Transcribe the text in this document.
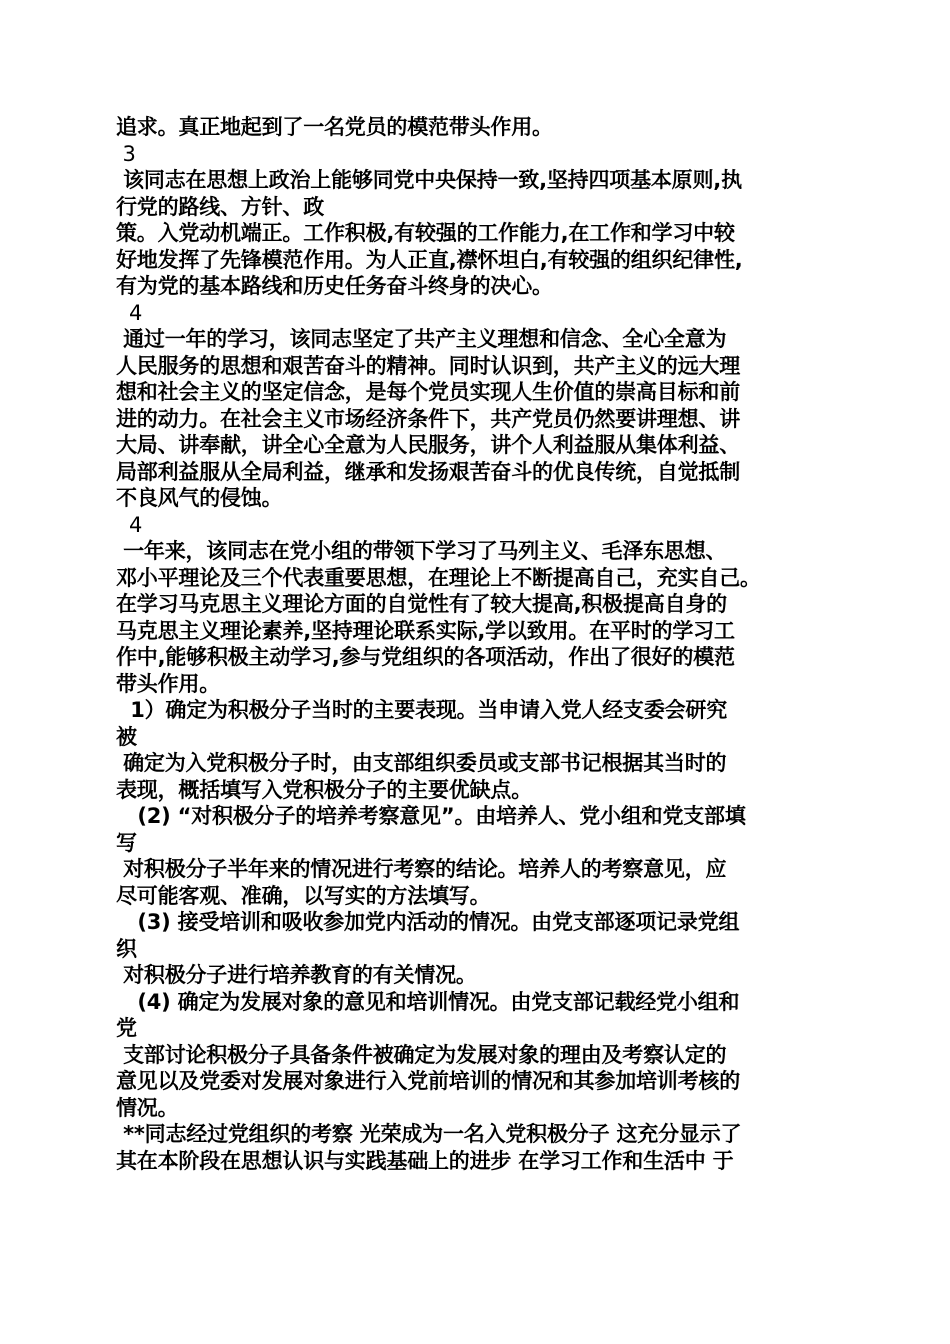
追求。真正地起到了一名党员的模范带头作用。
3
该同志在思想上政治上能够同党中央保持一致,坚持四项基本原则,执
行党的路线、方针、政
策。入党动机端正。工作积极,有较强的工作能力,在工作和学习中较
好地发挥了先锋模范作用。为人正直,襟怀坦白,有较强的组织纪律性,
有为党的基本路线和历史任务奋斗终身的决心。
4
通过一年的学习，该同志坚定了共产主义理想和信念、全心全意为
人民服务的思想和艰苦奋斗的精神。同时认识到，共产主义的远大理
想和社会主义的坚定信念，是每个党员实现人生价值的崇高目标和前
进的动力。在社会主义市场经济条件下，共产党员仍然要讲理想、讲
大局、讲奉献，讲全心全意为人民服务，讲个人利益服从集体利益、
局部利益服从全局利益，继承和发扬艰苦奋斗的优良传统，自觉抵制
不良风气的侵蚀。
4
一年来，该同志在党小组的带领下学习了马列主义、毛泽东思想、
邓小平理论及三个代表重要思想，在理论上不断提高自己，充实自己。
在学习马克思主义理论方面的自觉性有了较大提高,积极提高自身的
马克思主义理论素养,坚持理论联系实际,学以致用。在平时的学习工
作中,能够积极主动学习,参与党组织的各项活动，作出了很好的模范
带头作用。
1）确定为积极分子当时的主要表现。当申请入党人经支委会研究
被
确定为入党积极分子时，由支部组织委员或支部书记根据其当时的
表现，概括填写入党积极分子的主要优缺点。
(2) “对积极分子的培养考察意见”。由培养人、党小组和党支部填
写
对积极分子半年来的情况进行考察的结论。培养人的考察意见，应
尽可能客观、准确，以写实的方法填写。
(3) 接受培训和吸收参加党内活动的情况。由党支部逐项记录党组
织
对积极分子进行培养教育的有关情况。
(4) 确定为发展对象的意见和培训情况。由党支部记载经党小组和
党
支部讨论积极分子具备条件被确定为发展对象的理由及考察认定的
意见以及党委对发展对象进行入党前培训的情况和其参加培训考核的
情况。
**同志经过党组织的考察 光荣成为一名入党积极分子 这充分显示了
其在本阶段在思想认识与实践基础上的进步 在学习工作和生活中 于
